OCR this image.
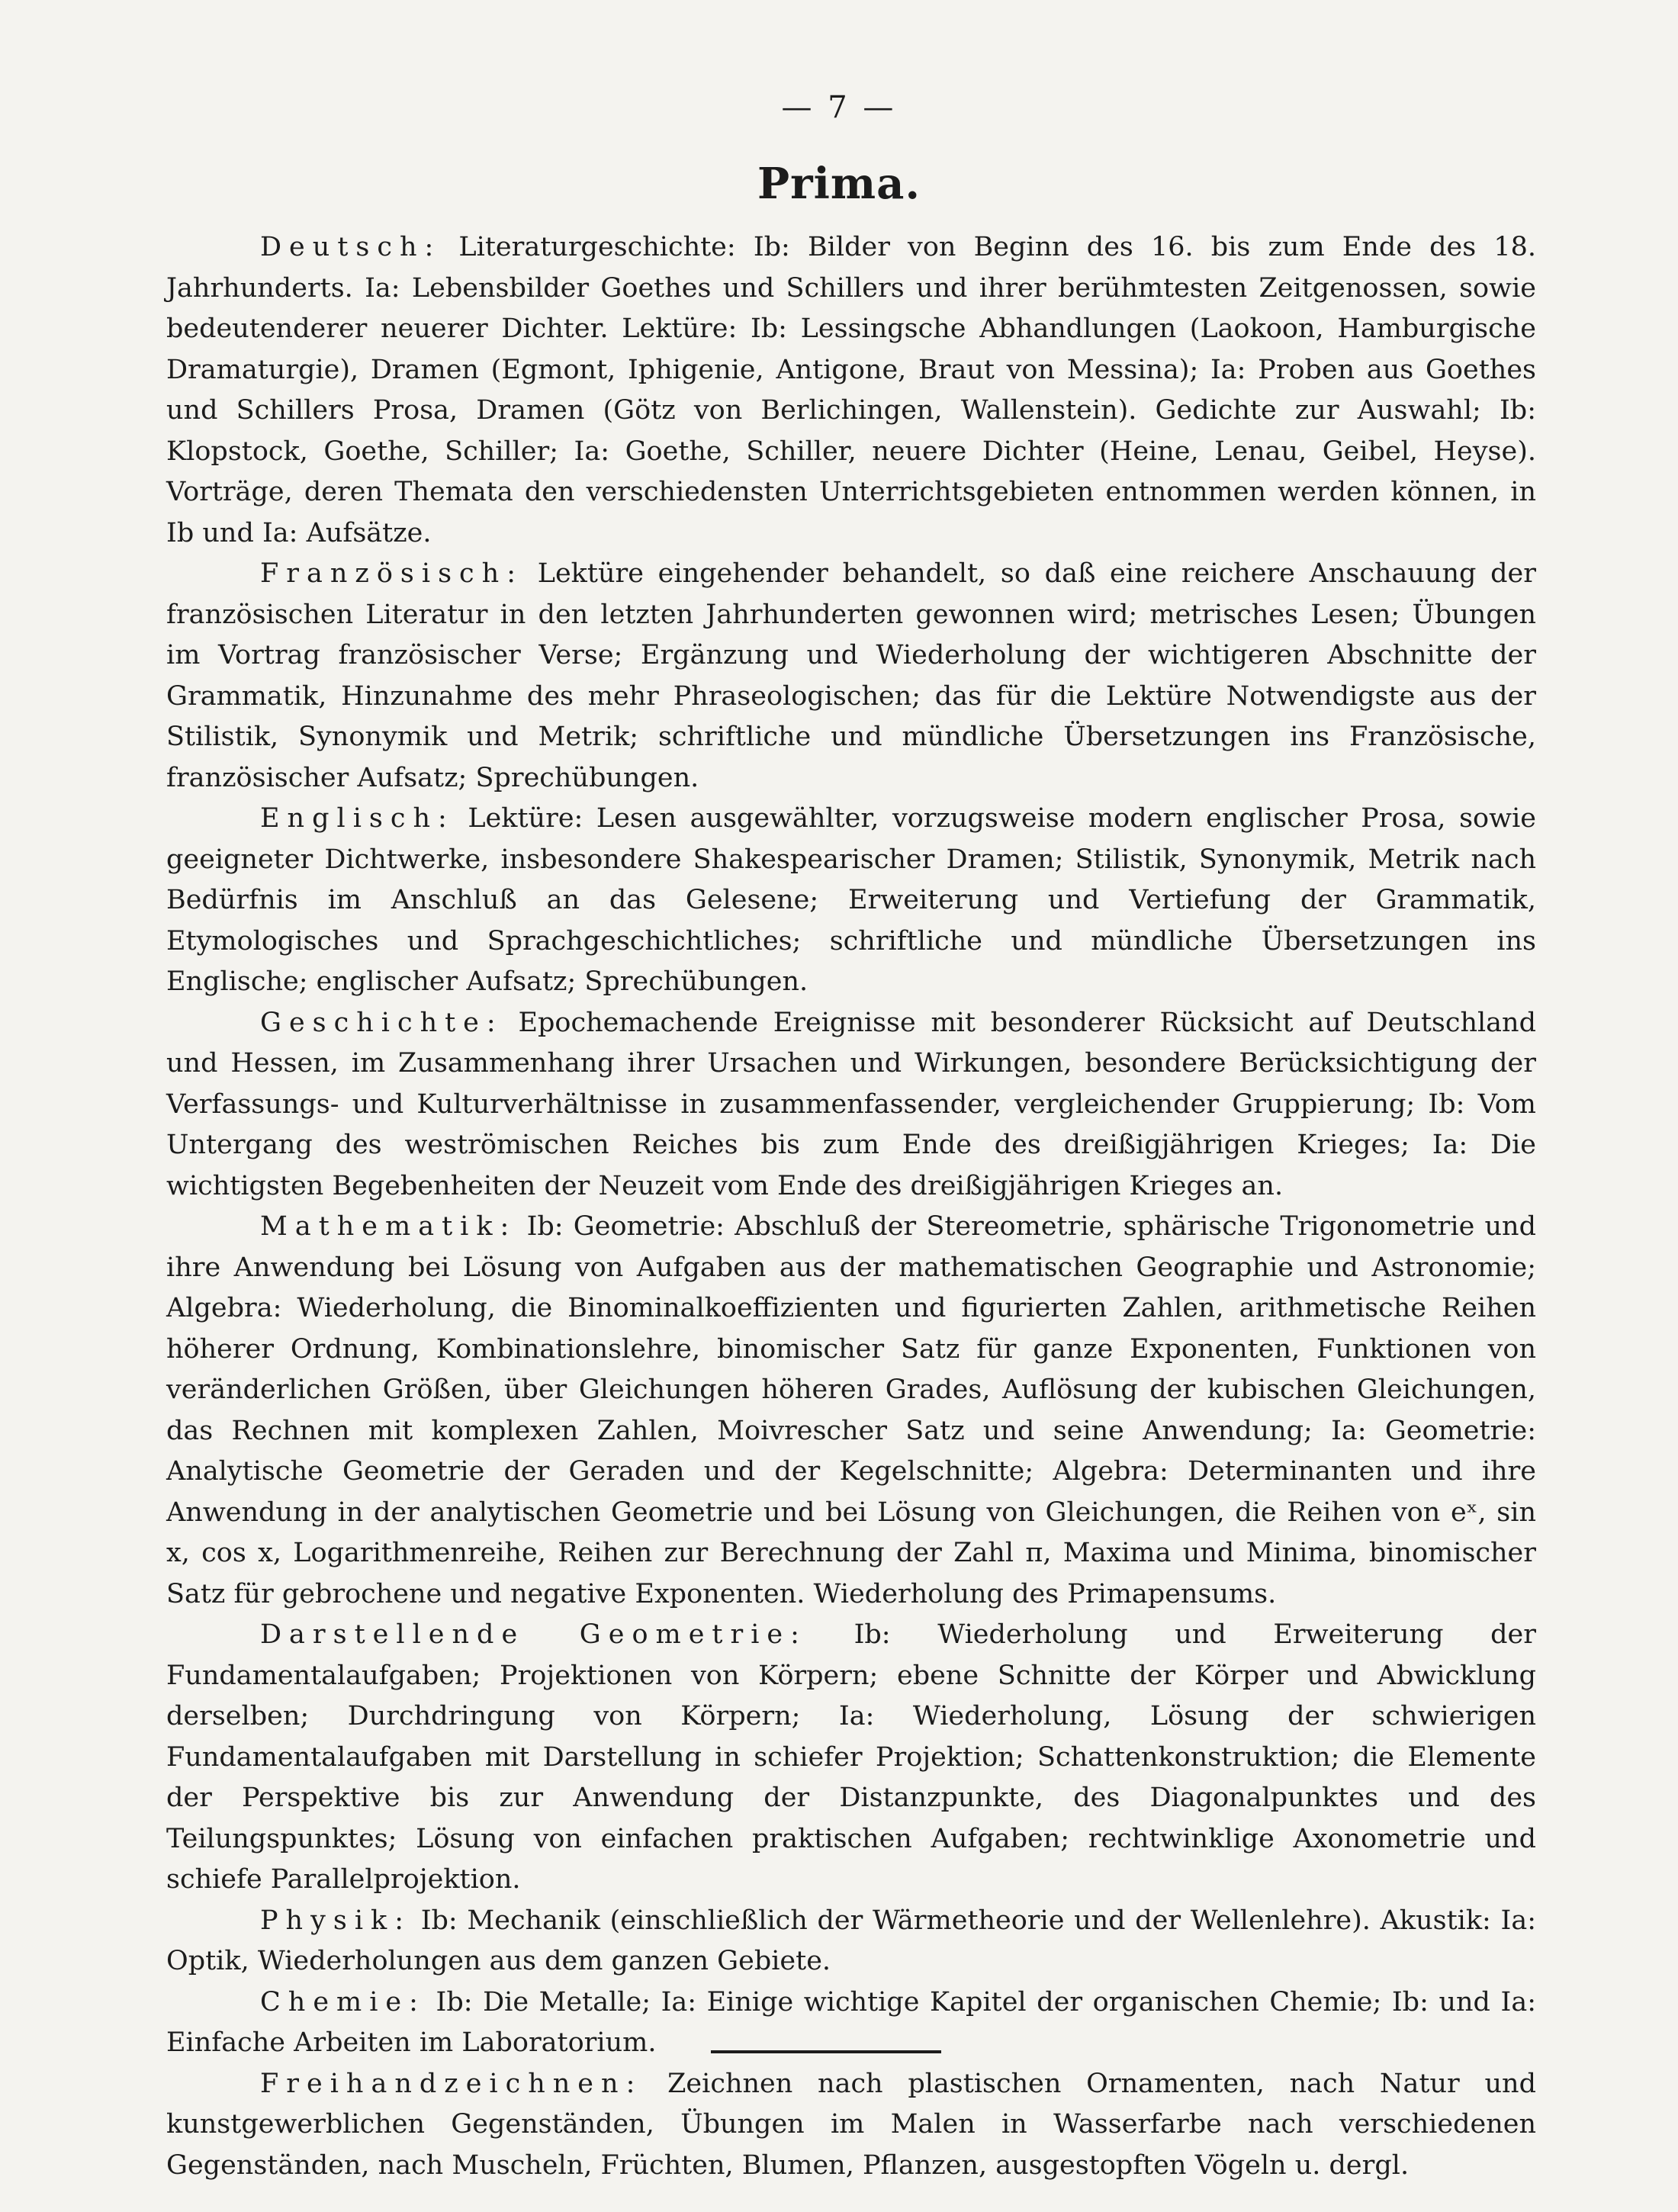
— 7 —

Prima.

Deutsch: Literaturgeschichte: Ib: Bilder von Beginn des 16. bis zum Ende des 18. Jahrhunderts. Ia: Lebensbilder Goethes und Schillers und ihrer berühmtesten Zeitgenossen, sowie bedeutenderer neuerer Dichter. Lektüre: Ib: Lessingsche Abhandlungen (Laokoon, Hamburgische Dramaturgie), Dramen (Egmont, Iphigenie, Antigone, Braut von Messina); Ia: Proben aus Goethes und Schillers Prosa, Dramen (Götz von Berlichingen, Wallenstein). Gedichte zur Auswahl; Ib: Klopstock, Goethe, Schiller; Ia: Goethe, Schiller, neuere Dichter (Heine, Lenau, Geibel, Heyse). Vorträge, deren Themata den verschiedensten Unterrichtsgebieten entnommen werden können, in Ib und Ia: Aufsätze.

Französisch: Lektüre eingehender behandelt, so daß eine reichere Anschauung der französischen Literatur in den letzten Jahrhunderten gewonnen wird; metrisches Lesen; Übungen im Vortrag französischer Verse; Ergänzung und Wiederholung der wichtigeren Abschnitte der Grammatik, Hinzunahme des mehr Phraseologischen; das für die Lektüre Notwendigste aus der Stilistik, Synonymik und Metrik; schriftliche und mündliche Übersetzungen ins Französische, französischer Aufsatz; Sprechübungen.

Englisch: Lektüre: Lesen ausgewählter, vorzugsweise modern englischer Prosa, sowie geeigneter Dichtwerke, insbesondere Shakespearischer Dramen; Stilistik, Synonymik, Metrik nach Bedürfnis im Anschluß an das Gelesene; Erweiterung und Vertiefung der Grammatik, Etymologisches und Sprachgeschichtliches; schriftliche und mündliche Übersetzungen ins Englische; englischer Aufsatz; Sprechübungen.

Geschichte: Epochemachende Ereignisse mit besonderer Rücksicht auf Deutschland und Hessen, im Zusammenhang ihrer Ursachen und Wirkungen, besondere Berücksichtigung der Verfassungs- und Kulturverhältnisse in zusammenfassender, vergleichender Gruppierung; Ib: Vom Untergang des weströmischen Reiches bis zum Ende des dreißigjährigen Krieges; Ia: Die wichtigsten Begebenheiten der Neuzeit vom Ende des dreißigjährigen Krieges an.

Mathematik: Ib: Geometrie: Abschluß der Stereometrie, sphärische Trigonometrie und ihre Anwendung bei Lösung von Aufgaben aus der mathematischen Geographie und Astronomie; Algebra: Wiederholung, die Binominalkoeffizienten und figurierten Zahlen, arithmetische Reihen höherer Ordnung, Kombinationslehre, binomischer Satz für ganze Exponenten, Funktionen von veränderlichen Größen, über Gleichungen höheren Grades, Auflösung der kubischen Gleichungen, das Rechnen mit komplexen Zahlen, Moivrescher Satz und seine Anwendung; Ia: Geometrie: Analytische Geometrie der Geraden und der Kegelschnitte; Algebra: Determinanten und ihre Anwendung in der analytischen Geometrie und bei Lösung von Gleichungen, die Reihen von eˣ, sin x, cos x, Logarithmenreihe, Reihen zur Berechnung der Zahl π, Maxima und Minima, binomischer Satz für gebrochene und negative Exponenten. Wiederholung des Primapensums.

Darstellende Geometrie: Ib: Wiederholung und Erweiterung der Fundamentalaufgaben; Projektionen von Körpern; ebene Schnitte der Körper und Abwicklung derselben; Durchdringung von Körpern; Ia: Wiederholung, Lösung der schwierigen Fundamentalaufgaben mit Darstellung in schiefer Projektion; Schattenkonstruktion; die Elemente der Perspektive bis zur Anwendung der Distanzpunkte, des Diagonalpunktes und des Teilungspunktes; Lösung von einfachen praktischen Aufgaben; rechtwinklige Axonometrie und schiefe Parallelprojektion.

Physik: Ib: Mechanik (einschließlich der Wärmetheorie und der Wellenlehre). Akustik: Ia: Optik, Wiederholungen aus dem ganzen Gebiete.

Chemie: Ib: Die Metalle; Ia: Einige wichtige Kapitel der organischen Chemie; Ib: und Ia: Einfache Arbeiten im Laboratorium.

Freihandzeichnen: Zeichnen nach plastischen Ornamenten, nach Natur und kunstgewerblichen Gegenständen, Übungen im Malen in Wasserfarbe nach verschiedenen Gegenständen, nach Muscheln, Früchten, Blumen, Pflanzen, ausgestopften Vögeln u. dergl.
